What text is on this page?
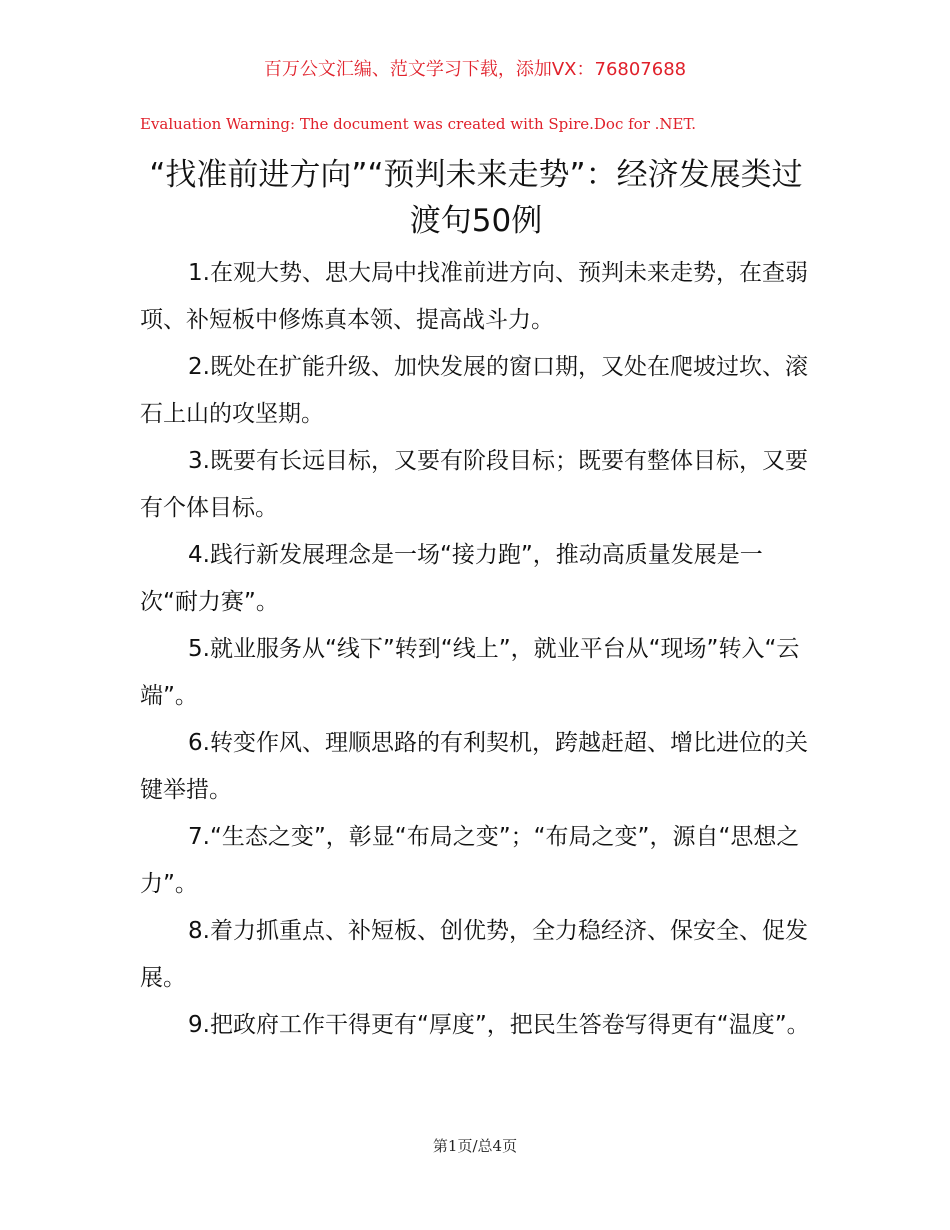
百万公文汇编、范文学习下载，添加VX：76807688
Evaluation Warning: The document was created with Spire.Doc for .NET.
“找准前进方向”“预判未来走势”：经济发展类过渡句50例

1.在观大势、思大局中找准前进方向、预判未来走势，在查弱项、补短板中修炼真本领、提高战斗力。

2.既处在扩能升级、加快发展的窗口期，又处在爬坡过坎、滚石上山的攻坚期。

3.既要有长远目标，又要有阶段目标；既要有整体目标，又要有个体目标。

4.践行新发展理念是一场“接力跑”，推动高质量发展是一次“耐力赛”。

5.就业服务从“线下”转到“线上”，就业平台从“现场”转入“云端”。

6.转变作风、理顺思路的有利契机，跨越赶超、增比进位的关键举措。

7.“生态之变”，彰显“布局之变”；“布局之变”，源自“思想之力”。

8.着力抓重点、补短板、创优势，全力稳经济、保安全、促发展。

9.把政府工作干得更有“厚度”，把民生答卷写得更有“温度”。

第1页/总4页
